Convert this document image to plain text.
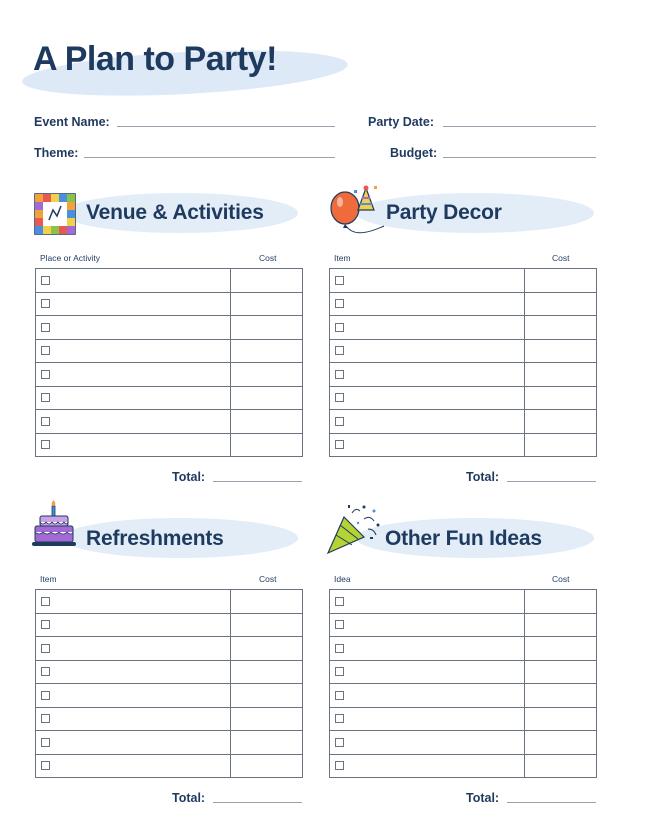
A Plan to Party!
Event Name:	Party Date:
Theme:	Budget:
Venue & Activities
Place or Activity	Cost

Total:
Party Decor
Item	Cost

Total:
Refreshments
Item	Cost

Total:
Other Fun Ideas
Idea	Cost

Total:
